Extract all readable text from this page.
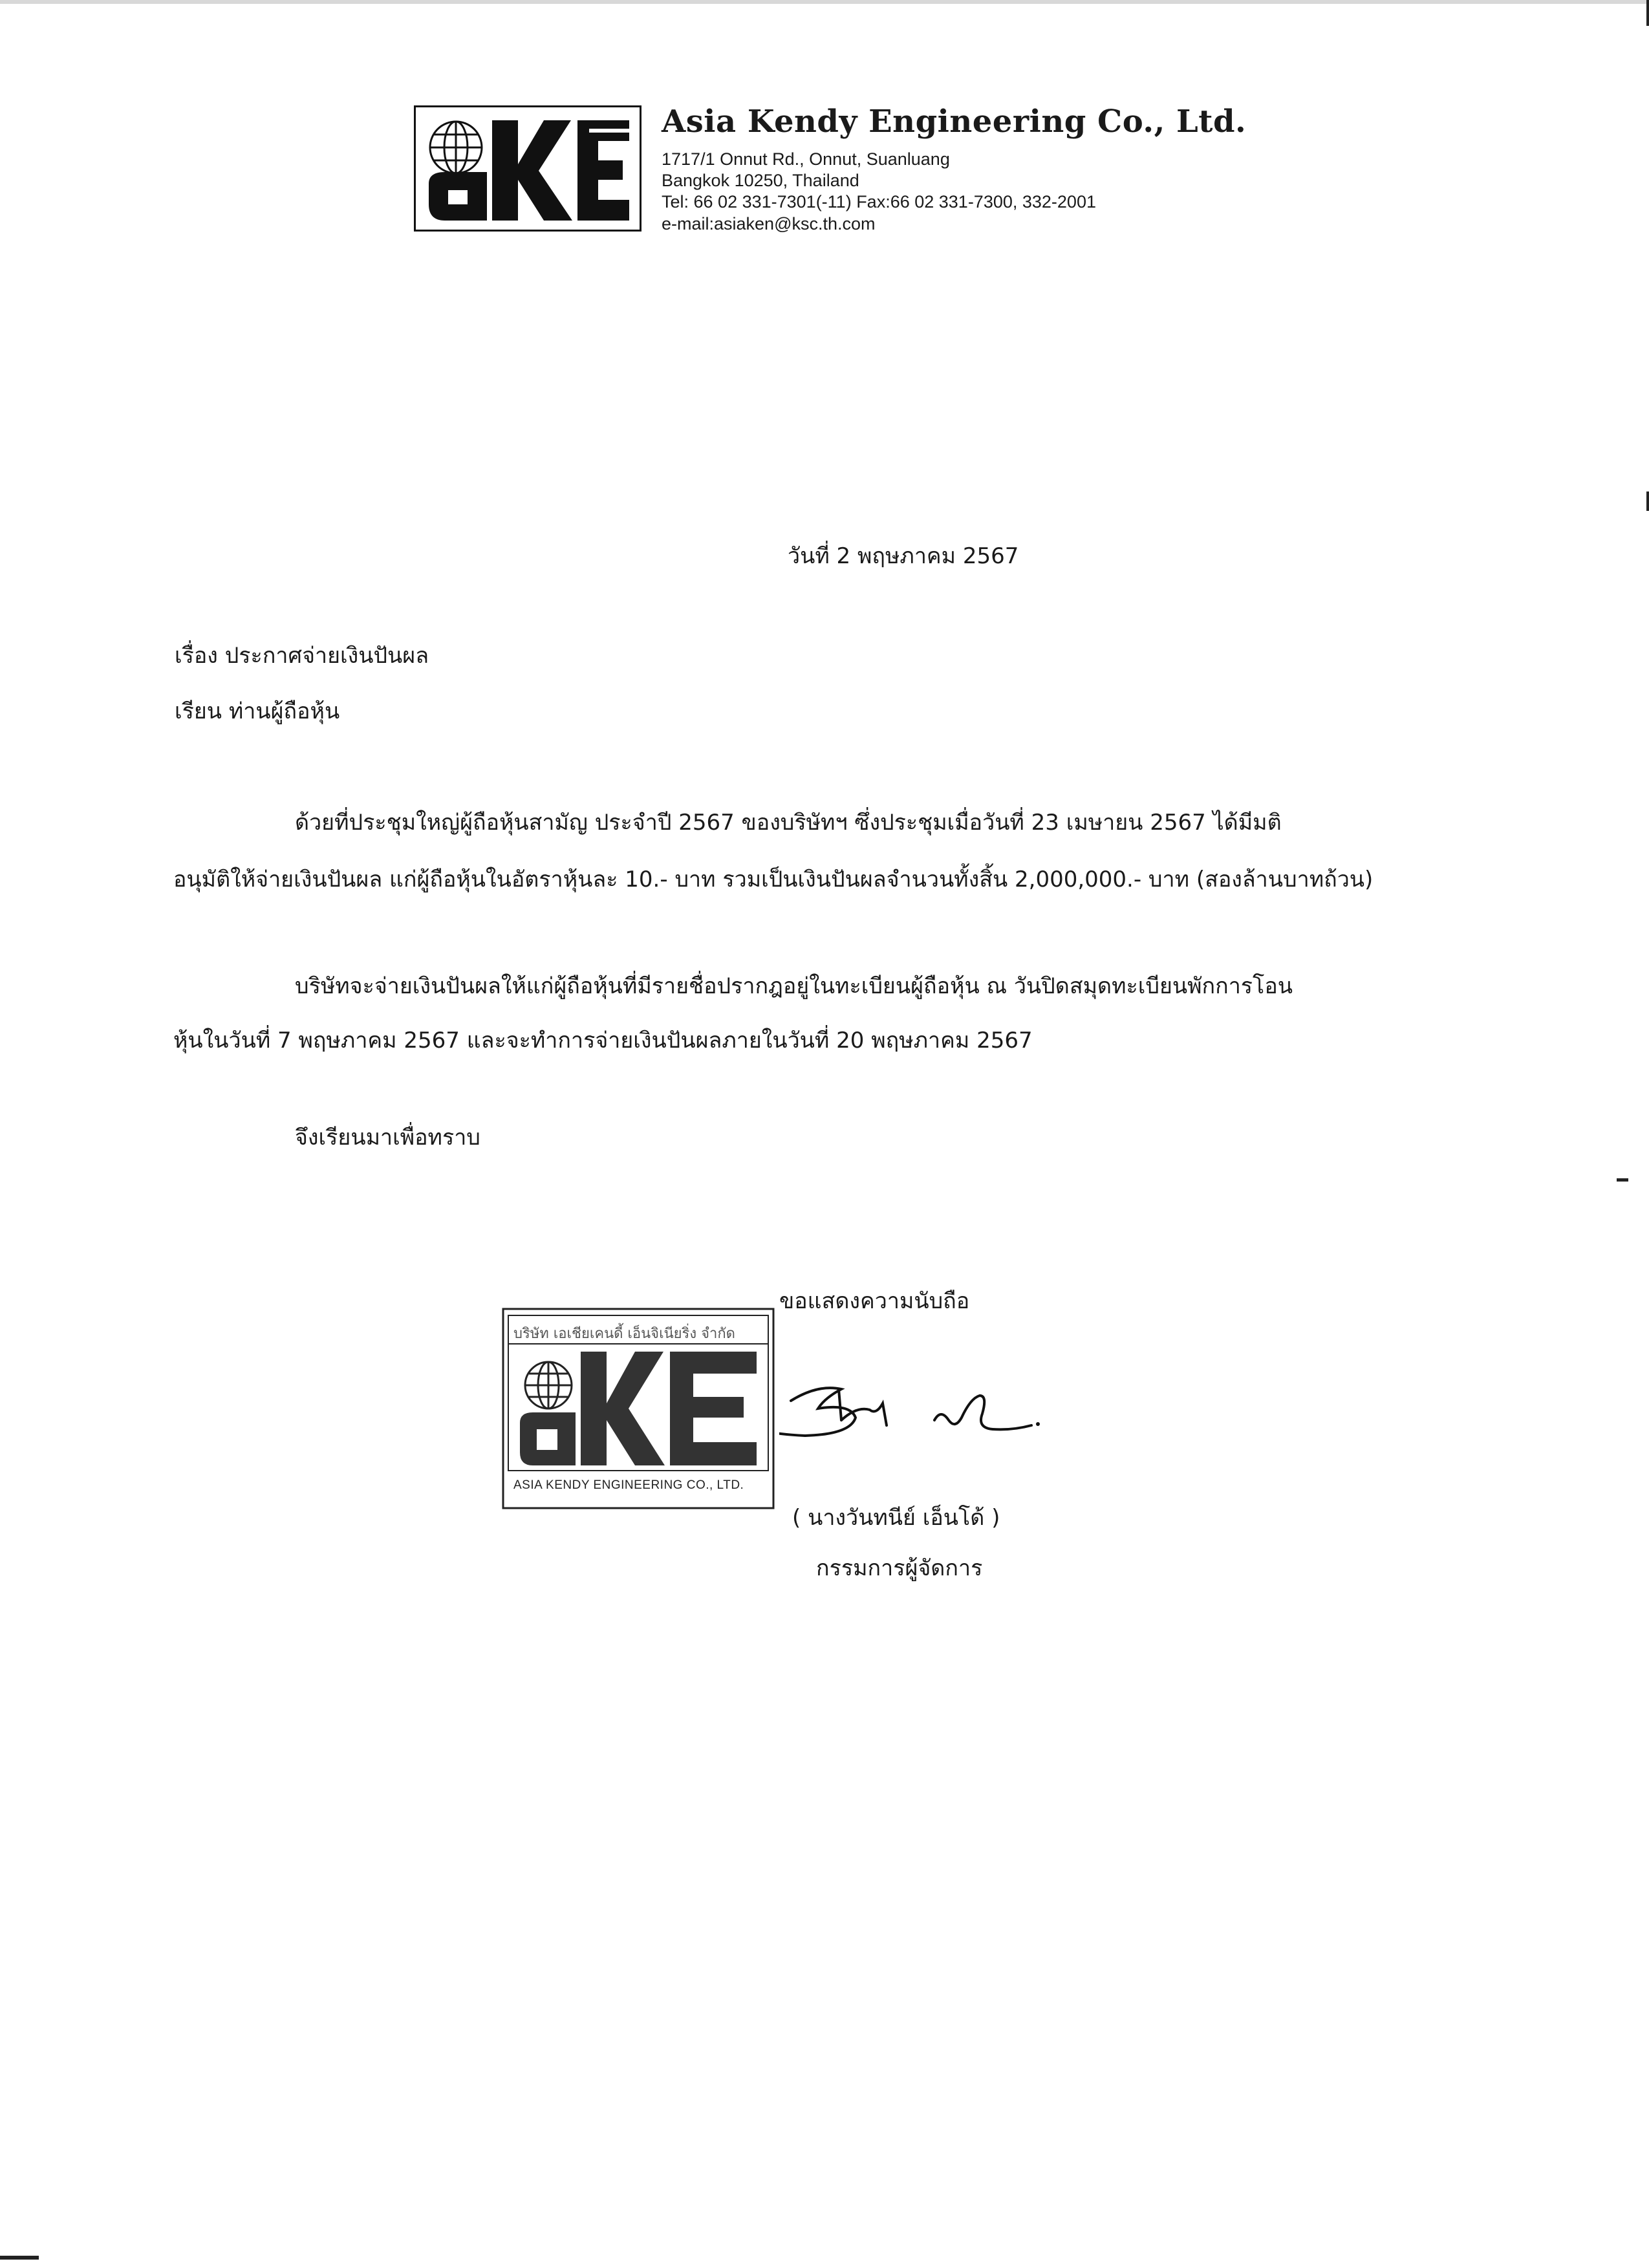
Asia Kendy Engineering Co., Ltd.
1717/1 Onnut Rd., Onnut, Suanluang
Bangkok 10250, Thailand
Tel: 66 02 331-7301(-11) Fax:66 02 331-7300, 332-2001
e-mail:asiaken@ksc.th.com
วันที่ 2 พฤษภาคม 2567
เรื่อง ประกาศจ่ายเงินปันผล
เรียน ท่านผู้ถือหุ้น
ด้วยที่ประชุมใหญ่ผู้ถือหุ้นสามัญ ประจำปี 2567 ของบริษัทฯ ซึ่งประชุมเมื่อวันที่ 23 เมษายน 2567 ได้มีมติ
อนุมัติให้จ่ายเงินปันผล แก่ผู้ถือหุ้นในอัตราหุ้นละ 10.- บาท รวมเป็นเงินปันผลจำนวนทั้งสิ้น 2,000,000.- บาท (สองล้านบาทถ้วน)
บริษัทจะจ่ายเงินปันผลให้แก่ผู้ถือหุ้นที่มีรายชื่อปรากฎอยู่ในทะเบียนผู้ถือหุ้น ณ วันปิดสมุดทะเบียนพักการโอน
หุ้นในวันที่ 7 พฤษภาคม 2567 และจะทำการจ่ายเงินปันผลภายในวันที่ 20 พฤษภาคม 2567
จึงเรียนมาเพื่อทราบ
ขอแสดงความนับถือ
บริษัท เอเชียเคนดี้ เอ็นจิเนียริ่ง จำกัด
ASIA KENDY ENGINEERING CO., LTD.
( นางวันทนีย์ เอ็นโด้ )
กรรมการผู้จัดการ
